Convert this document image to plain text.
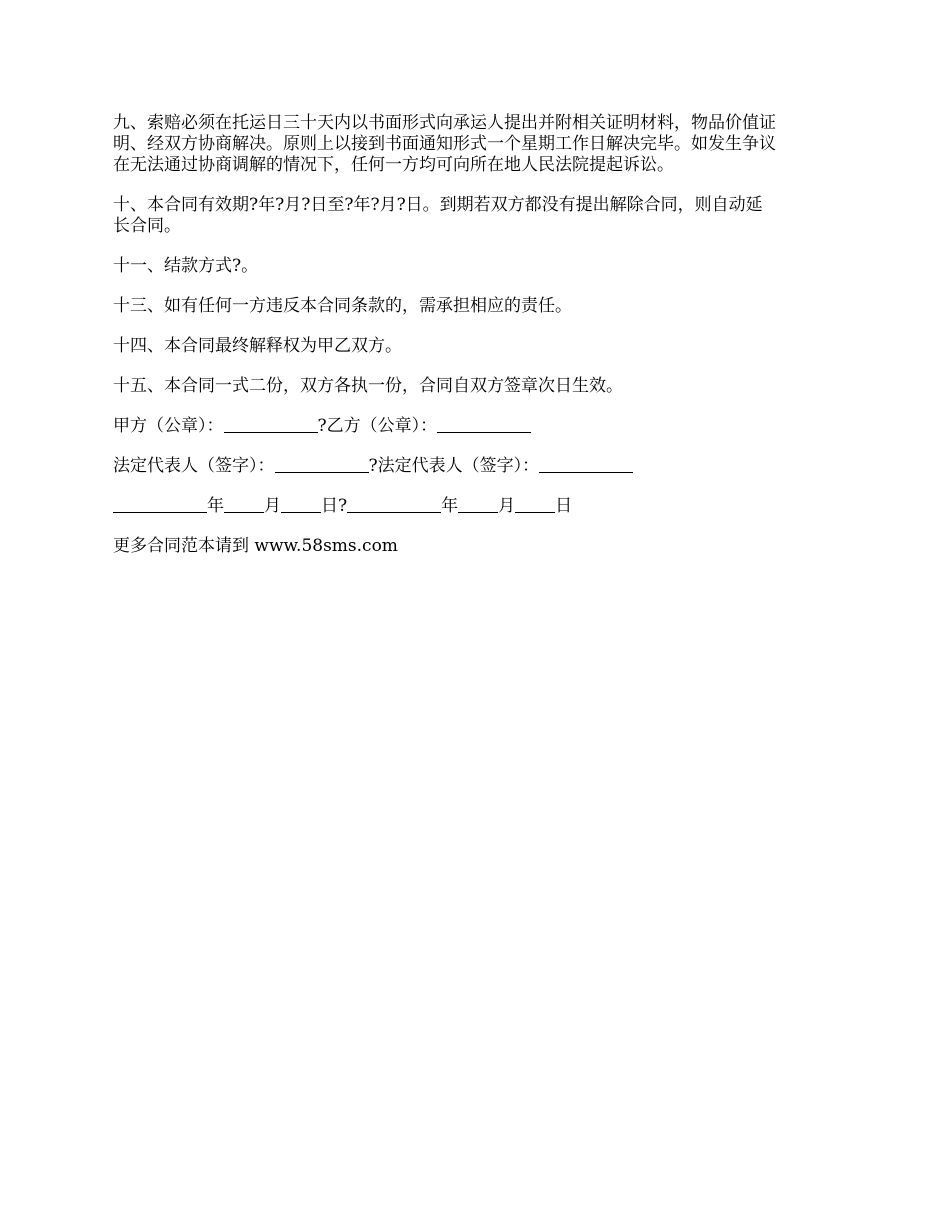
九、索赔必须在托运日三十天内以书面形式向承运人提出并附相关证明材料，物品价值证
明、经双方协商解决。原则上以接到书面通知形式一个星期工作日解决完毕。如发生争议
在无法通过协商调解的情况下，任何一方均可向所在地人民法院提起诉讼。

十、本合同有效期?年?月?日至?年?月?日。到期若双方都没有提出解除合同，则自动延
长合同。

十一、结款方式?。

十三、如有任何一方违反本合同条款的，需承担相应的责任。

十四、本合同最终解释权为甲乙双方。

十五、本合同一式二份，双方各执一份，合同自双方签章次日生效。

甲方（公章）：	?乙方（公章）：
法定代表人（签字）：	?法定代表人（签字）：
年 月 日?	年 月 日

更多合同范本请到 www.58sms.com
